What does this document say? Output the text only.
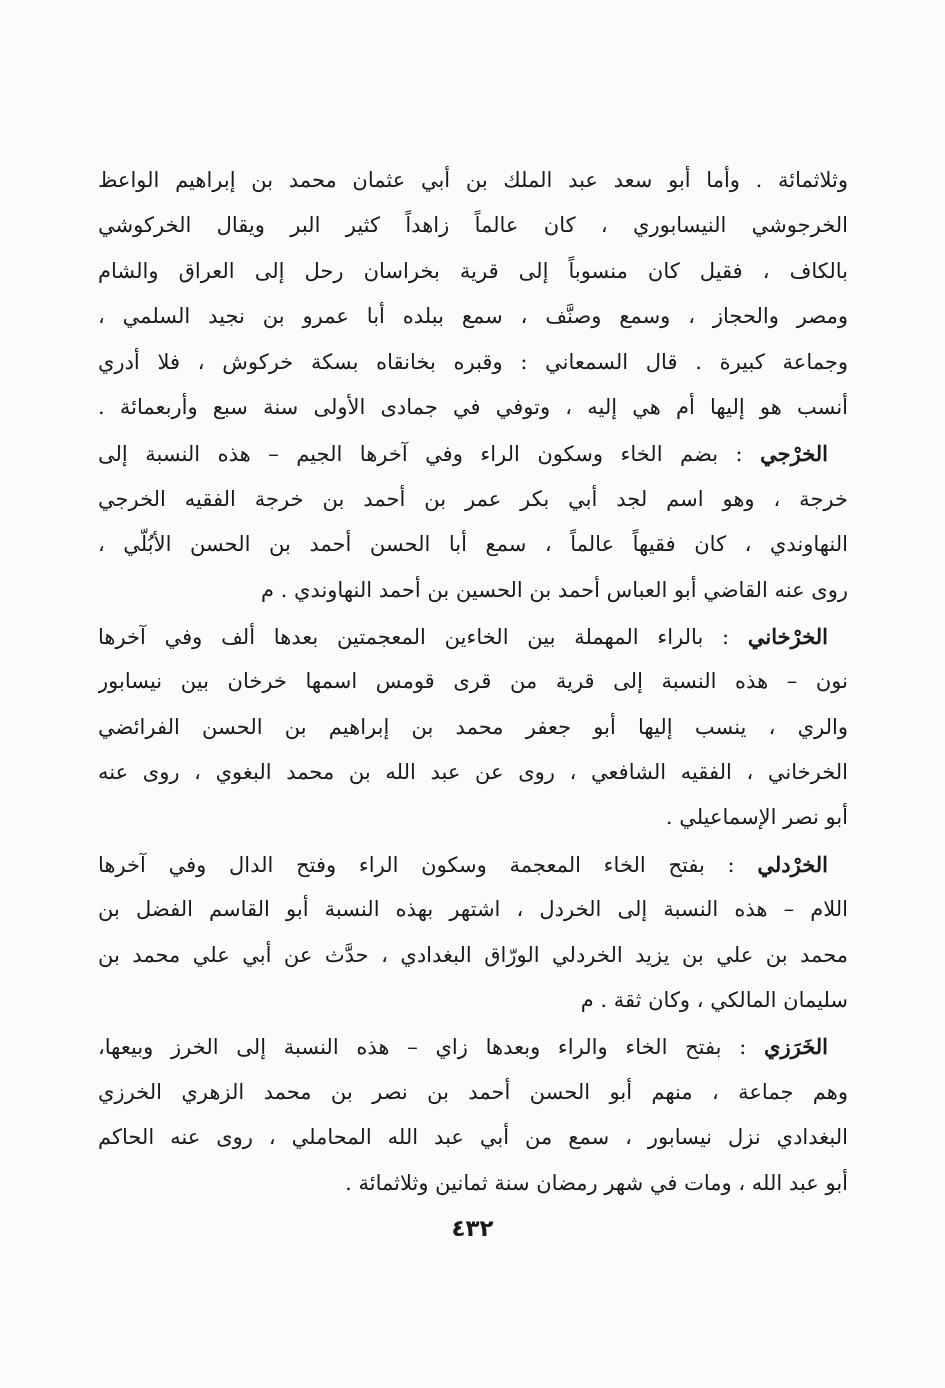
وثلاثمائة . وأما أبو سعد عبد الملك بن أبي عثمان محمد بن إبراهيم الواعظ
الخرجوشي النيسابوري ، كان عالماً زاهداً كثير البر ويقال الخركوشي
بالكاف ، فقيل كان منسوباً إلى قرية بخراسان رحل إلى العراق والشام
ومصر والحجاز ، وسمع وصنَّف ، سمع ببلده أبا عمرو بن نجيد السلمي ،
وجماعة كبيرة . قال السمعاني : وقبره بخانقاه بسكة خركوش ، فلا أدري
أنسب هو إليها أم هي إليه ، وتوفي في جمادى الأولى سنة سبع وأربعمائة .
الخرْجي : بضم الخاء وسكون الراء وفي آخرها الجيم – هذه النسبة إلى
خرجة ، وهو اسم لجد أبي بكر عمر بن أحمد بن خرجة الفقيه الخرجي
النهاوندي ، كان فقيهاً عالماً ، سمع أبا الحسن أحمد بن الحسن الأبُلّي ،
روى عنه القاضي أبو العباس أحمد بن الحسين بن أحمد النهاوندي . م
الخرْخاني : بالراء المهملة بين الخاءين المعجمتين بعدها ألف وفي آخرها
نون – هذه النسبة إلى قرية من قرى قومس اسمها خرخان بين نيسابور
والري ، ينسب إليها أبو جعفر محمد بن إبراهيم بن الحسن الفرائضي
الخرخاني ، الفقيه الشافعي ، روى عن عبد الله بن محمد البغوي ، روى عنه
أبو نصر الإسماعيلي .
الخرْدلي : بفتح الخاء المعجمة وسكون الراء وفتح الدال وفي آخرها
اللام – هذه النسبة إلى الخردل ، اشتهر بهذه النسبة أبو القاسم الفضل بن
محمد بن علي بن يزيد الخردلي الورّاق البغدادي ، حدَّث عن أبي علي محمد بن
سليمان المالكي ، وكان ثقة . م
الخَرَزي : بفتح الخاء والراء وبعدها زاي – هذه النسبة إلى الخرز وبيعها،
وهم جماعة ، منهم أبو الحسن أحمد بن نصر بن محمد الزهري الخرزي
البغدادي نزل نيسابور ، سمع من أبي عبد الله المحاملي ، روى عنه الحاكم
أبو عبد الله ، ومات في شهر رمضان سنة ثمانين وثلاثمائة .
٤٣٢
